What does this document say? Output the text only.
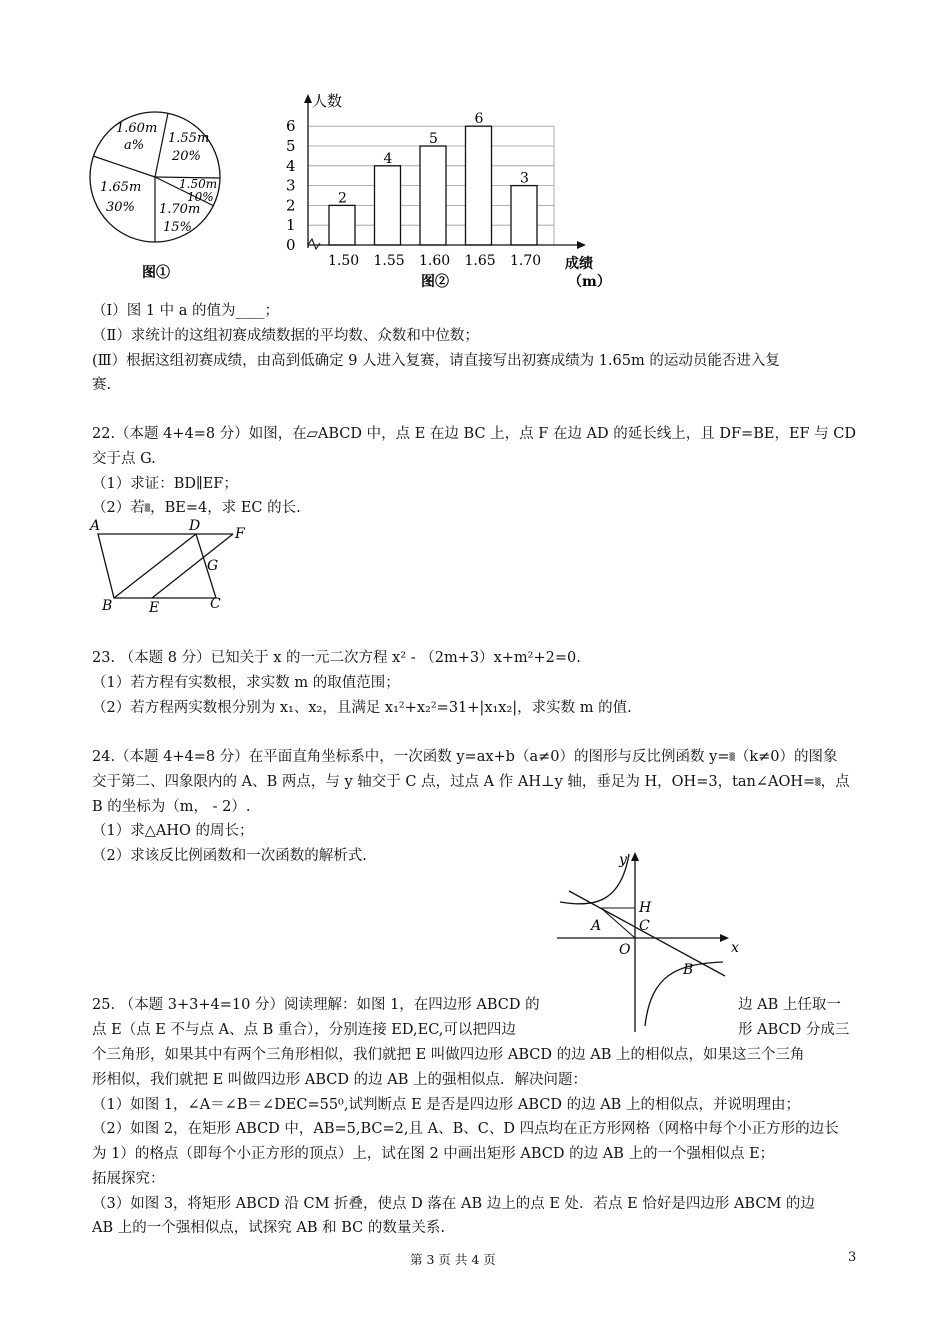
1.60m
a% 1.55m
20%
1.50m
10%
1.70m
15%
1.65m
30%
图①
0
1
2
3
4
5
6
1.50 1.55 1.60 1.65 1.70
2
4
5
6
3
人数
成绩
（m）
图②
（Ⅰ）图 1 中 a 的值为____；
（Ⅱ）求统计的这组初赛成绩数据的平均数、众数和中位数；
(Ⅲ）根据这组初赛成绩，由高到低确定 9 人进入复赛，请直接写出初赛成绩为 1.65m 的运动员能否进入复
赛.
22.（本题 4+4=8 分）如图，在▱ABCD 中，点 E 在边 BC 上，点 F 在边 AD 的延长线上，且 DF=BE，EF 与 CD
交于点 G.
（1）求证：BD∥EF；
（2）若▒，BE=4，求 EC 的长.
A	D F
G
B	E	C
23. （本题 8 分）已知关于 x 的一元二次方程 x² - （2m+3）x+m²+2=0.
（1）若方程有实数根，求实数 m 的取值范围；
（2）若方程两实数根分别为 x₁、x₂，且满足 x₁²+x₂²=31+|x₁x₂|，求实数 m 的值.
24.（本题 4+4=8 分）在平面直角坐标系中，一次函数 y=ax+b（a≠0）的图形与反比例函数 y=▒（k≠0）的图象
交于第二、四象限内的 A、B 两点，与 y 轴交于 C 点，过点 A 作 AH⊥y 轴，垂足为 H，OH=3，tan∠AOH=▒，点
B 的坐标为（m， - 2）.
（1）求△AHO 的周长；
（2）求该反比例函数和一次函数的解析式.	y
x
H
C
A
O
B
25. （本题 3+3+4=10 分）阅读理解：如图 1，在四边形 ABCD 的	边 AB 上任取一
点 E（点 E 不与点 A、点 B 重合），分别连接 ED,EC,可以把四边	形 ABCD 分成三
个三角形，如果其中有两个三角形相似，我们就把 E 叫做四边形 ABCD 的边 AB 上的相似点，如果这三个三角
形相似，我们就把 E 叫做四边形 ABCD 的边 AB 上的强相似点．解决问题：
（1）如图 1，∠A＝∠B＝∠DEC=55⁰,试判断点 E 是否是四边形 ABCD 的边 AB 上的相似点，并说明理由；
（2）如图 2，在矩形 ABCD 中，AB=5,BC=2,且 A、B、C、D 四点均在正方形网格（网格中每个小正方形的边长
为 1）的格点（即每个小正方形的顶点）上，试在图 2 中画出矩形 ABCD 的边 AB 上的一个强相似点 E；
拓展探究：
（3）如图 3，将矩形 ABCD 沿 CM 折叠，使点 D 落在 AB 边上的点 E 处．若点 E 恰好是四边形 ABCM 的边
AB 上的一个强相似点，试探究 AB 和 BC 的数量关系.
第 3 页 共 4 页	3
